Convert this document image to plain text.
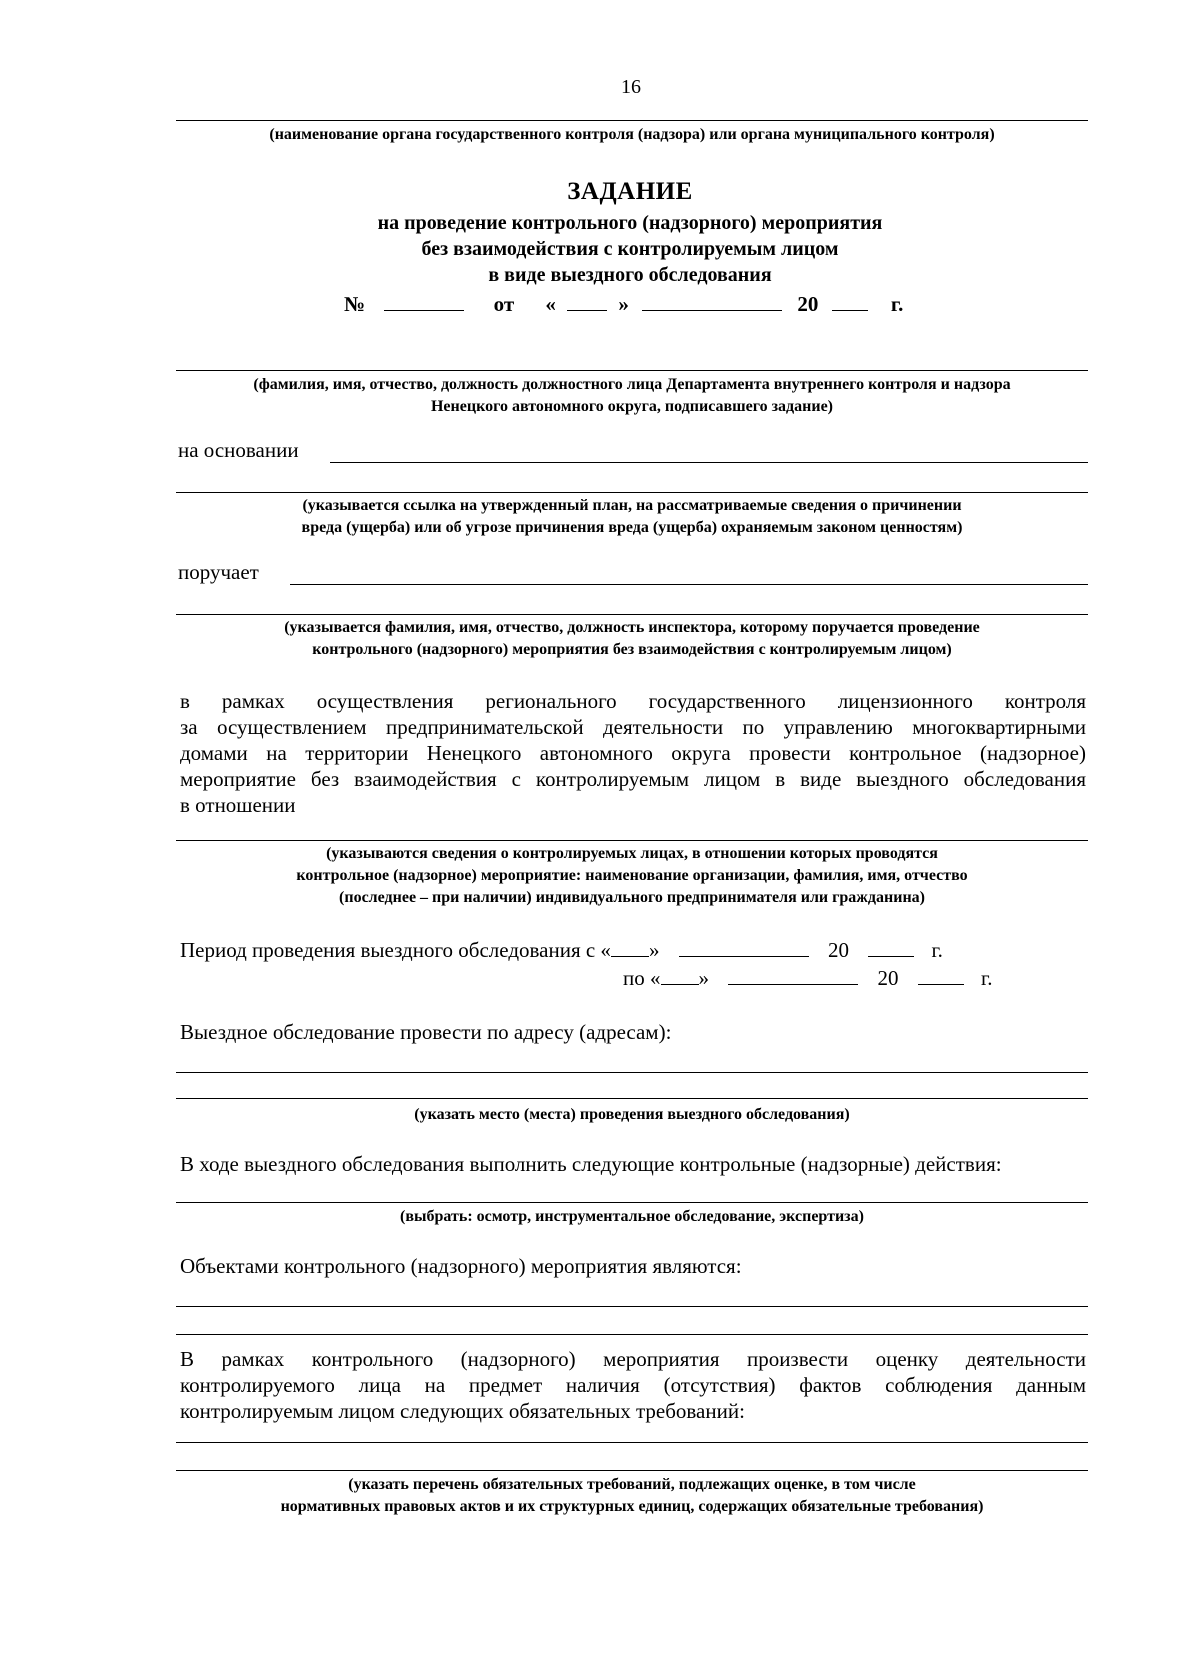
16
(наименование органа государственного контроля (надзора) или органа муниципального контроля)
ЗАДАНИЕ
на проведение контрольного (надзорного) мероприятия
без взаимодействия с контролируемым лицом
в виде выездного обследования
№	от «	»	20	г.
(фамилия, имя, отчество, должность должностного лица Департамента внутреннего контроля и надзора
Ненецкого автономного округа, подписавшего задание)
на основании
(указывается ссылка на утвержденный план, на рассматриваемые сведения о причинении
вреда (ущерба) или об угрозе причинения вреда (ущерба) охраняемым законом ценностям)
поручает
(указывается фамилия, имя, отчество, должность инспектора, которому поручается проведение
контрольного (надзорного) мероприятия без взаимодействия с контролируемым лицом)
в рамках осуществления регионального государственного лицензионного контроля
за осуществлением предпринимательской деятельности по управлению многоквартирными
домами на территории Ненецкого автономного округа провести контрольное (надзорное)
мероприятие без взаимодействия с контролируемым лицом в виде выездного обследования
в отношении
(указываются сведения о контролируемых лицах, в отношении которых проводятся
контрольное (надзорное) мероприятие: наименование организации, фамилия, имя, отчество
(последнее – при наличии) индивидуального предпринимателя или гражданина)
Период проведения выездного обследования с « »	20	г.
по « »	20	г.
Выездное обследование провести по адресу (адресам):
(указать место (места) проведения выездного обследования)
В ходе выездного обследования выполнить следующие контрольные (надзорные) действия:
(выбрать: осмотр, инструментальное обследование, экспертиза)
Объектами контрольного (надзорного) мероприятия являются:
В рамках контрольного (надзорного) мероприятия произвести оценку деятельности
контролируемого лица на предмет наличия (отсутствия) фактов соблюдения данным
контролируемым лицом следующих обязательных требований:
(указать перечень обязательных требований, подлежащих оценке, в том числе
нормативных правовых актов и их структурных единиц, содержащих обязательные требования)
